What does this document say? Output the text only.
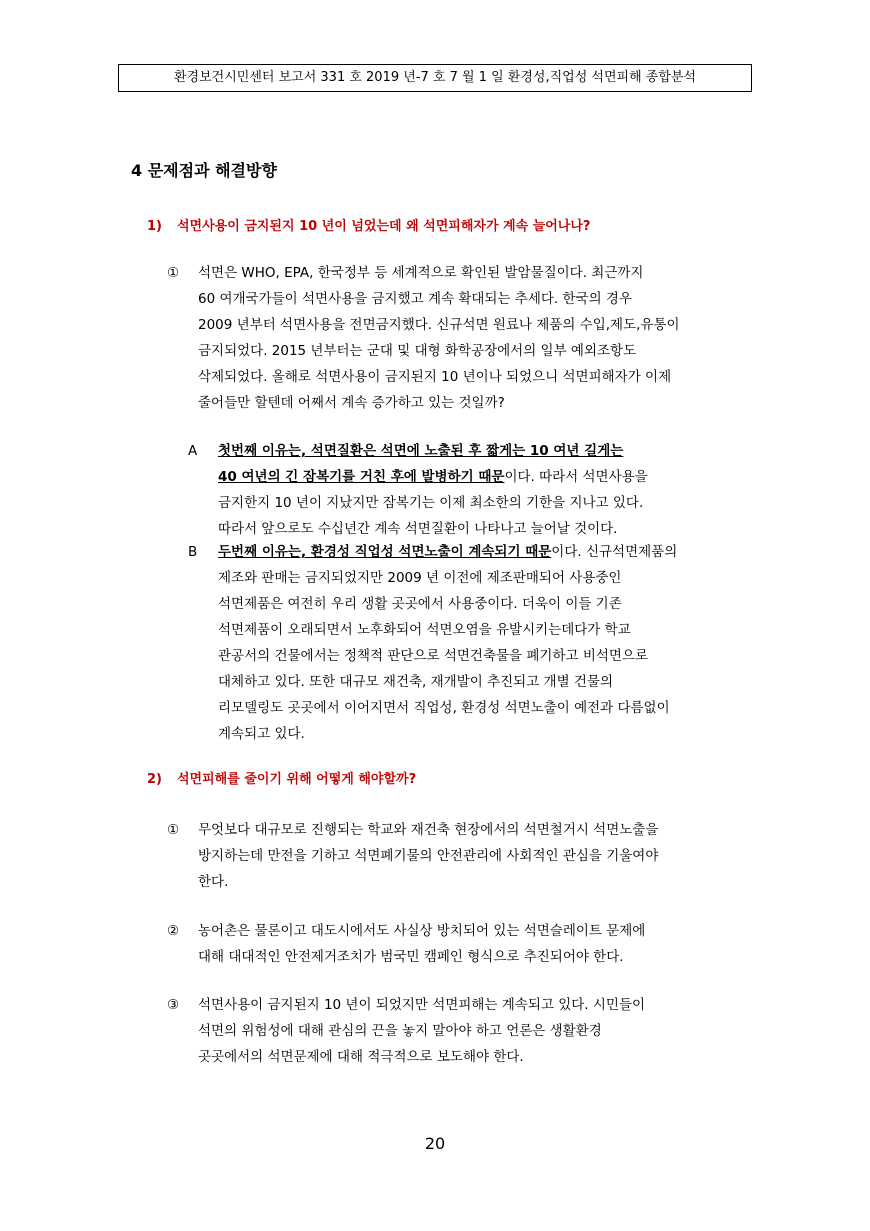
환경보건시민센터 보고서 331 호 2019 년-7 호 7 월 1 일 환경성,직업성 석면피해 종합분석
4 문제점과 해결방향
1) 석면사용이 금지된지 10 년이 넘었는데 왜 석면피해자가 계속 늘어나나?
① 석면은 WHO, EPA, 한국정부 등 세계적으로 확인된 발암물질이다. 최근까지
60 여개국가들이 석면사용을 금지했고 계속 확대되는 추세다. 한국의 경우
2009 년부터 석면사용을 전면금지했다. 신규석면 원료나 제품의 수입,제도,유통이
금지되었다. 2015 년부터는 군대 및 대형 화학공장에서의 일부 예외조항도
삭제되었다. 올해로 석면사용이 금지된지 10 년이나 되었으니 석면피해자가 이제
줄어들만 할텐데 어째서 계속 증가하고 있는 것일까?
A 첫번째 이유는, 석면질환은 석면에 노출된 후 짧게는 10 여년 길게는
40 여년의 긴 잠복기를 거친 후에 발병하기 때문이다. 따라서 석면사용을
금지한지 10 년이 지났지만 잠복기는 이제 최소한의 기한을 지나고 있다.
따라서 앞으로도 수십년간 계속 석면질환이 나타나고 늘어날 것이다.
B 두번째 이유는, 환경성 직업성 석면노출이 계속되기 때문이다. 신규석면제품의
제조와 판매는 금지되었지만 2009 년 이전에 제조판매되어 사용중인
석면제품은 여전히 우리 생활 곳곳에서 사용중이다. 더욱이 이들 기존
석면제품이 오래되면서 노후화되어 석면오염을 유발시키는데다가 학교
관공서의 건물에서는 정책적 판단으로 석면건축물을 폐기하고 비석면으로
대체하고 있다. 또한 대규모 재건축, 재개발이 추진되고 개별 건물의
리모델링도 곳곳에서 이어지면서 직업성, 환경성 석면노출이 예전과 다름없이
계속되고 있다.
2) 석면피해를 줄이기 위해 어떻게 해야할까?
① 무엇보다 대규모로 진행되는 학교와 재건축 현장에서의 석면철거시 석면노출을
방지하는데 만전을 기하고 석면폐기물의 안전관리에 사회적인 관심을 기울여야
한다.
② 농어촌은 물론이고 대도시에서도 사실상 방치되어 있는 석면슬레이트 문제에
대해 대대적인 안전제거조치가 범국민 캠페인 형식으로 추진되어야 한다.
③ 석면사용이 금지된지 10 년이 되었지만 석면피해는 계속되고 있다. 시민들이
석면의 위험성에 대해 관심의 끈을 놓지 말아야 하고 언론은 생활환경
곳곳에서의 석면문제에 대해 적극적으로 보도해야 한다.
20
